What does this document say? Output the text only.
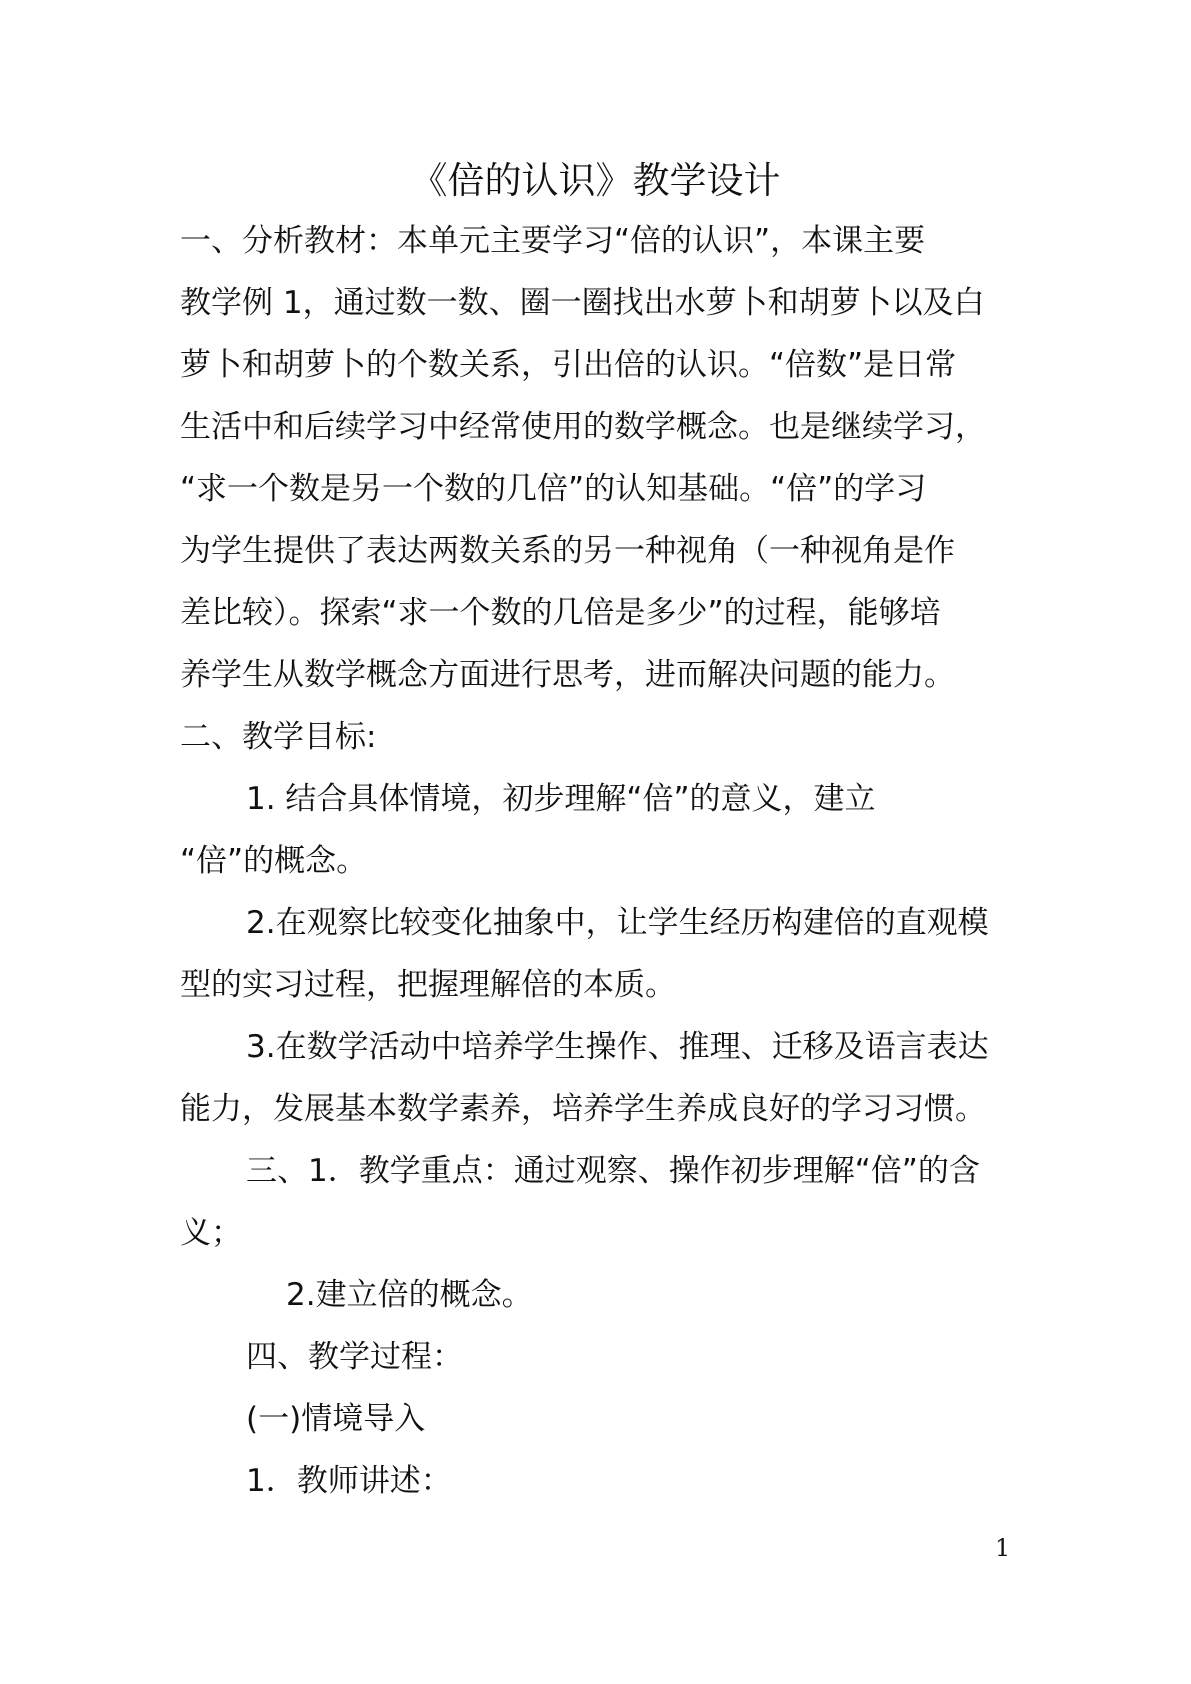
《倍的认识》教学设计
一、分析教材：本单元主要学习“倍的认识”，本课主要
教学例 1，通过数一数、圈一圈找出水萝卜和胡萝卜以及白
萝卜和胡萝卜的个数关系，引出倍的认识。“倍数”是日常
生活中和后续学习中经常使用的数学概念。也是继续学习，
“求一个数是另一个数的几倍”的认知基础。“倍”的学习
为学生提供了表达两数关系的另一种视角（一种视角是作
差比较）。探索“求一个数的几倍是多少”的过程，能够培
养学生从数学概念方面进行思考，进而解决问题的能力。
二、教学目标:
1. 结合具体情境，初步理解“倍”的意义，建立
“倍”的概念。
2.在观察比较变化抽象中，让学生经历构建倍的直观模
型的实习过程，把握理解倍的本质。
3.在数学活动中培养学生操作、推理、迁移及语言表达
能力，发展基本数学素养，培养学生养成良好的学习习惯。
三、1．教学重点：通过观察、操作初步理解“倍”的含
义；
2.建立倍的概念。
四、教学过程：
(一)情境导入
1．教师讲述：
1
